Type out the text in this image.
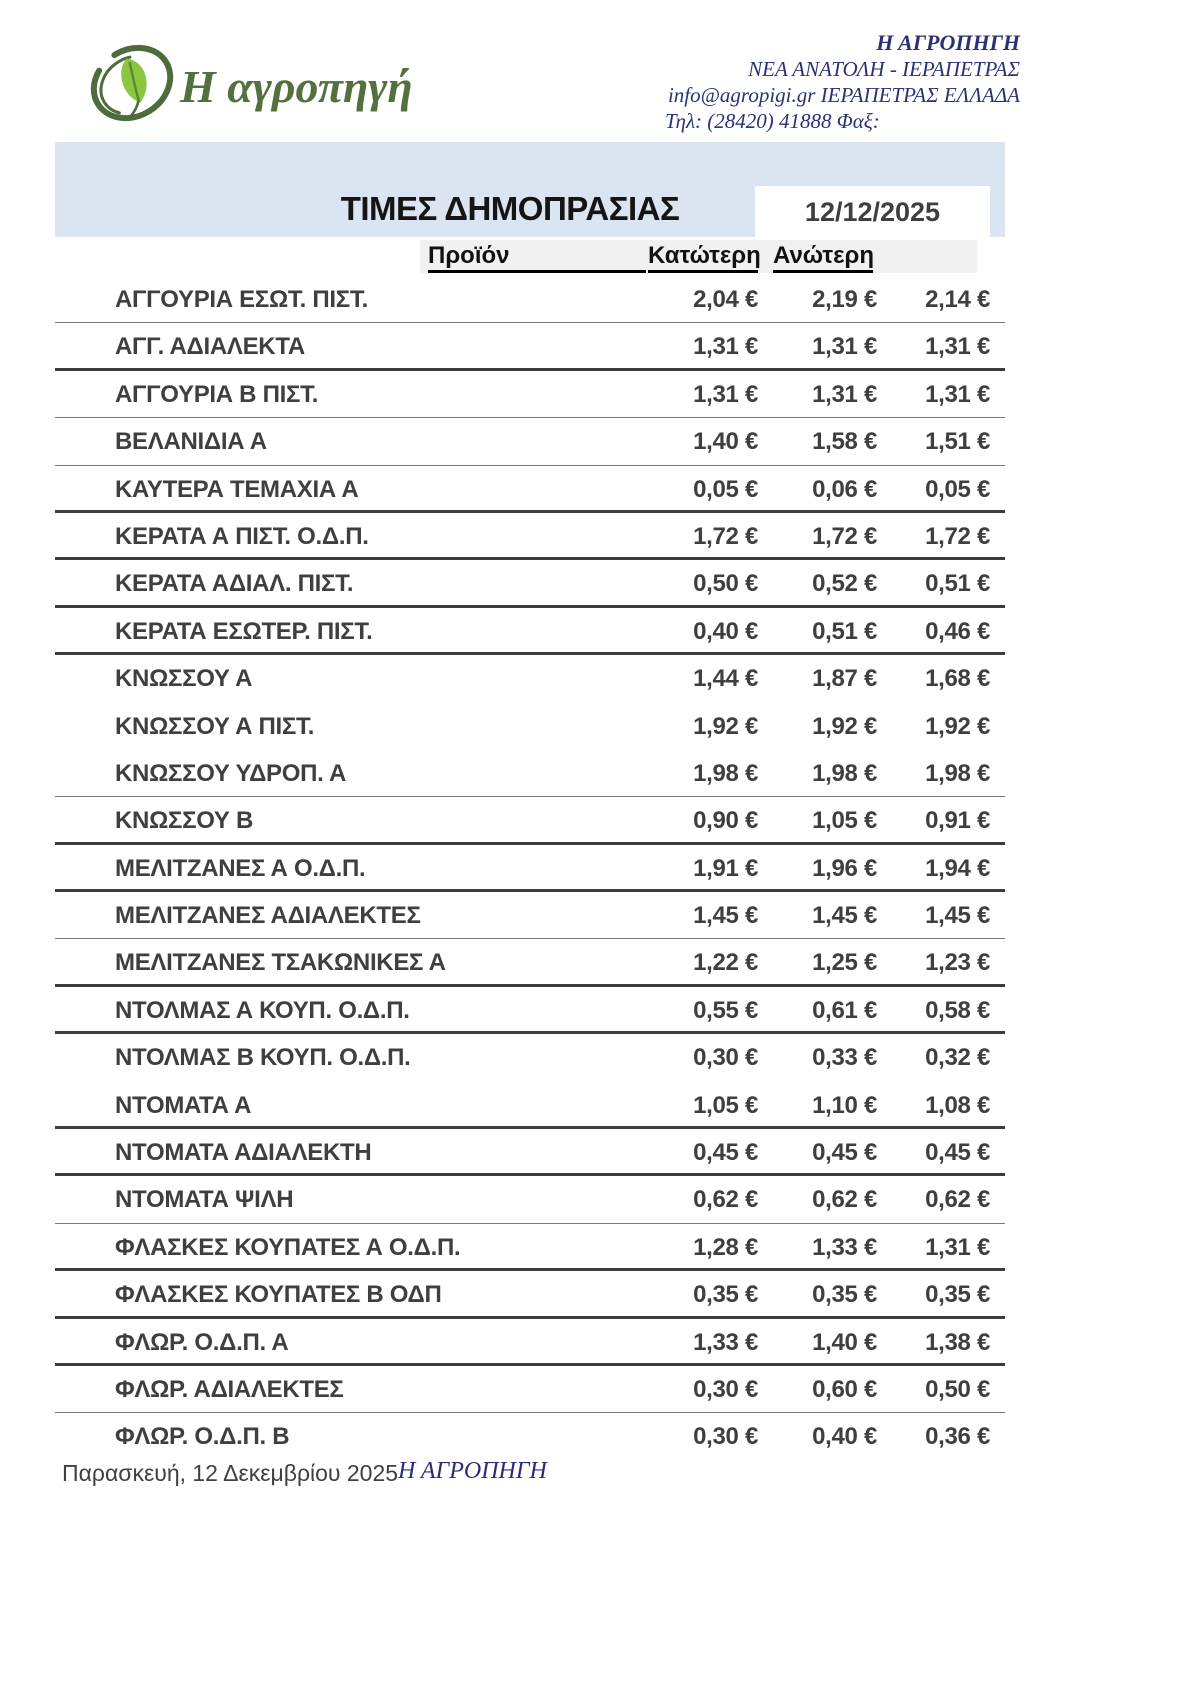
Η αγροπηγή
Η ΑΓΡΟΠΗΓΗ
ΝΕΑ ΑΝΑΤΟΛΗ - ΙΕΡΑΠΕΤΡΑΣ
info@agropigi.gr ΙΕΡΑΠΕΤΡΑΣ ΕΛΛΑΔΑ
Τηλ: (28420) 41888 Φαξ:
ΤΙΜΕΣ ΔΗΜΟΠΡΑΣΙΑΣ	12/12/2025
Προϊόν	Κατώτερη Ανώτερη
ΑΓΓΟΥΡΙΑ ΕΣΩΤ. ΠΙΣΤ.	2,04 € 2,19 € 2,14 €
ΑΓΓ. ΑΔΙΑΛΕΚΤΑ	1,31 € 1,31 € 1,31 €
ΑΓΓΟΥΡΙΑ Β ΠΙΣΤ.	1,31 € 1,31 € 1,31 €
ΒΕΛΑΝΙΔΙΑ Α	1,40 € 1,58 € 1,51 €
ΚΑΥΤΕΡΑ ΤΕΜΑΧΙΑ Α	0,05 € 0,06 € 0,05 €
ΚΕΡΑΤΑ Α ΠΙΣΤ. Ο.Δ.Π.	1,72 € 1,72 € 1,72 €
ΚΕΡΑΤΑ ΑΔΙΑΛ. ΠΙΣΤ.	0,50 € 0,52 € 0,51 €
ΚΕΡΑΤΑ ΕΣΩΤΕΡ. ΠΙΣΤ.	0,40 € 0,51 € 0,46 €
ΚΝΩΣΣΟΥ Α	1,44 € 1,87 € 1,68 €
ΚΝΩΣΣΟΥ Α ΠΙΣΤ.	1,92 € 1,92 € 1,92 €
ΚΝΩΣΣΟΥ ΥΔΡΟΠ. Α	1,98 € 1,98 € 1,98 €
ΚΝΩΣΣΟΥ Β	0,90 € 1,05 € 0,91 €
ΜΕΛΙΤΖΑΝΕΣ Α Ο.Δ.Π.	1,91 € 1,96 € 1,94 €
ΜΕΛΙΤΖΑΝΕΣ ΑΔΙΑΛΕΚΤΕΣ	1,45 € 1,45 € 1,45 €
ΜΕΛΙΤΖΑΝΕΣ ΤΣΑΚΩΝΙΚΕΣ Α	1,22 € 1,25 € 1,23 €
ΝΤΟΛΜΑΣ Α ΚΟΥΠ. Ο.Δ.Π.	0,55 € 0,61 € 0,58 €
ΝΤΟΛΜΑΣ Β ΚΟΥΠ. Ο.Δ.Π.	0,30 € 0,33 € 0,32 €
ΝΤΟΜΑΤΑ Α	1,05 € 1,10 € 1,08 €
ΝΤΟΜΑΤΑ ΑΔΙΑΛΕΚΤΗ	0,45 € 0,45 € 0,45 €
ΝΤΟΜΑΤΑ ΨΙΛΗ	0,62 € 0,62 € 0,62 €
ΦΛΑΣΚΕΣ ΚΟΥΠΑΤΕΣ Α Ο.Δ.Π.	1,28 € 1,33 € 1,31 €
ΦΛΑΣΚΕΣ ΚΟΥΠΑΤΕΣ Β ΟΔΠ	0,35 € 0,35 € 0,35 €
ΦΛΩΡ. Ο.Δ.Π. Α	1,33 € 1,40 € 1,38 €
ΦΛΩΡ. ΑΔΙΑΛΕΚΤΕΣ	0,30 € 0,60 € 0,50 €
ΦΛΩΡ. Ο.Δ.Π. Β	0,30 € 0,40 € 0,36 €
Παρασκευή, 12 Δεκεμβρίου 2025 Η ΑΓΡΟΠΗΓΗ
